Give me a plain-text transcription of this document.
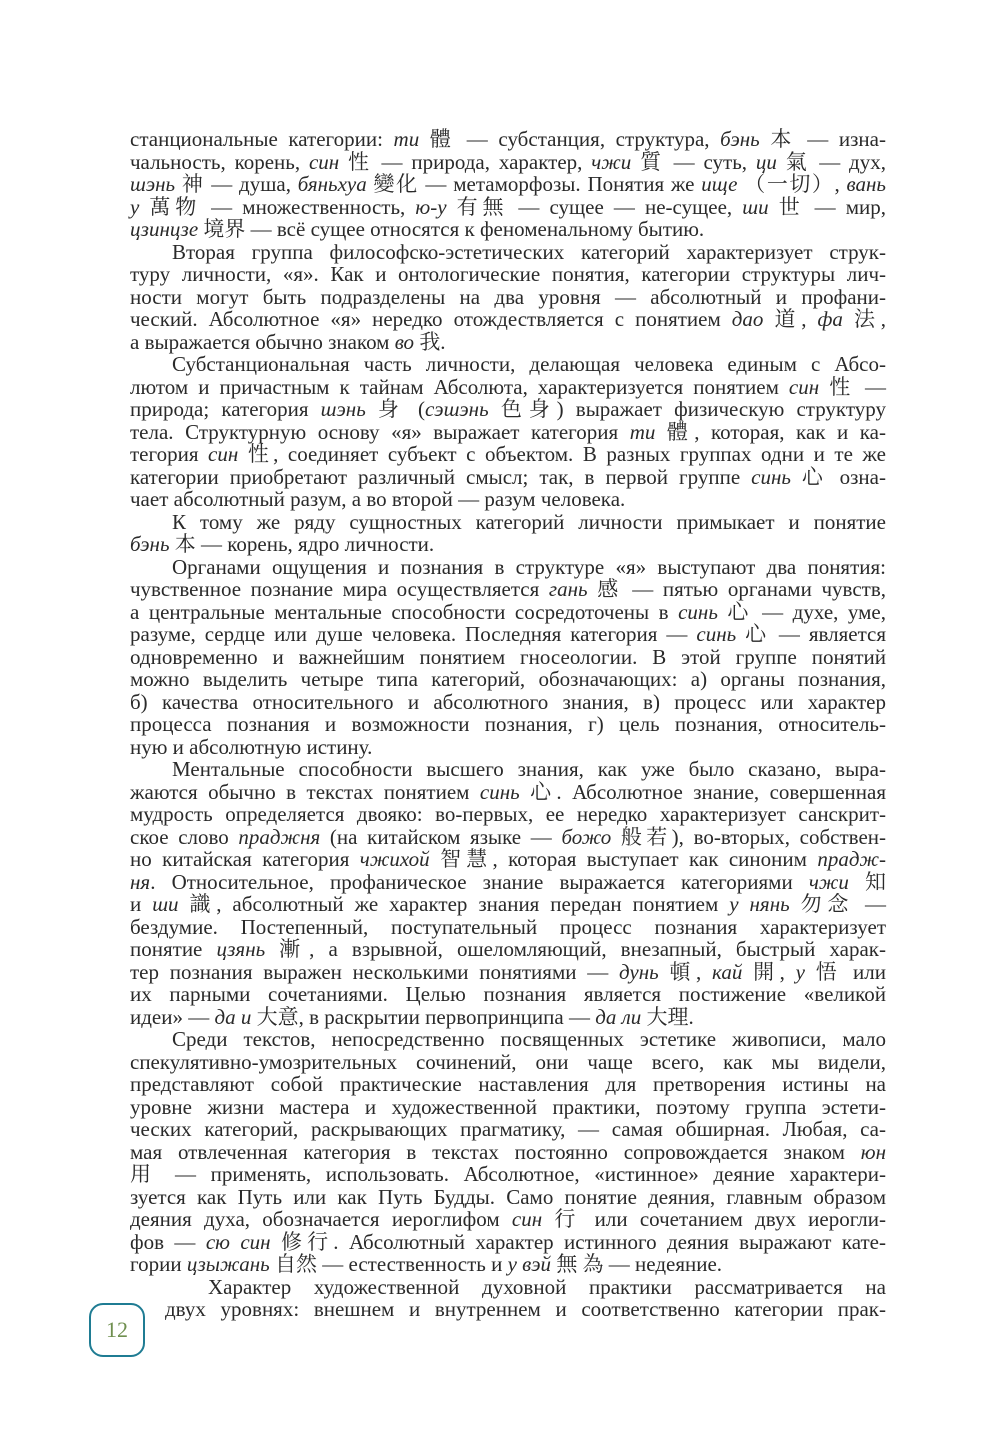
станциональные категории: ти 體 — субстанция, структура, бэнь 本 — изна-
чальность, корень, син 性 — природа, характер, чжи 質 — суть, ци 氣 — дух,
шэнь 神 — душа, бяньхуа 變化 — метаморфозы. Понятия же ище （一切）, вань
у 萬物 — множественность, ю-у 有無 — сущее — не-сущее, ши 世 — мир,
цзинцзе 境界 — всё сущее относятся к феноменальному бытию.
Вторая группа философско-эстетических категорий характеризует струк-
туру личности, «я». Как и онтологические понятия, категории структуры лич-
ности могут быть подразделены на два уровня — абсолютный и профани-
ческий. Абсолютное «я» нередко отождествляется с понятием дао 道, фа 法,
а выражается обычно знаком во 我.
Субстанциональная часть личности, делающая человека единым с Абсо-
лютом и причастным к тайнам Абсолюта, характеризуется понятием син 性 —
природа; категория шэнь 身 (сэшэнь 色身) выражает физическую структуру
тела. Структурную основу «я» выражает категория ти 體, которая, как и ка-
тегория син 性, соединяет субъект с объектом. В разных группах одни и те же
категории приобретают различный смысл; так, в первой группе синь 心 озна-
чает абсолютный разум, а во второй — разум человека.
К тому же ряду сущностных категорий личности примыкает и понятие
бэнь 本 — корень, ядро личности.
Органами ощущения и познания в структуре «я» выступают два понятия:
чувственное познание мира осуществляется гань 感 — пятью органами чувств,
а центральные ментальные способности сосредоточены в синь 心 — духе, уме,
разуме, сердце или душе человека. Последняя категория — синь 心 — является
одновременно и важнейшим понятием гносеологии. В этой группе понятий
можно выделить четыре типа категорий, обозначающих: а) органы познания,
б) качества относительного и абсолютного знания, в) процесс или характер
процесса познания и возможности познания, г) цель познания, относитель-
ную и абсолютную истину.
Ментальные способности высшего знания, как уже было сказано, выра-
жаются обычно в текстах понятием синь 心. Абсолютное знание, совершенная
мудрость определяется двояко: во-первых, ее нередко характеризует санскрит-
ское слово праджня (на китайском языке — божо 般若), во-вторых, собствен-
но китайская категория чжихой 智慧, которая выступает как синоним прадж-
ня. Относительное, профаническое знание выражается категориями чжи 知
и ши 識, абсолютный же характер знания передан понятием у нянь 勿念 —
бездумие. Постепенный, поступательный процесс познания характеризует
понятие цзянь 漸, а взрывной, ошеломляющий, внезапный, быстрый харак-
тер познания выражен несколькими понятиями — дунь 頓, кай 開, у 悟 или
их парными сочетаниями. Целью познания является постижение «великой
идеи» — да и 大意, в раскрытии первопринципа — да ли 大理.
Среди текстов, непосредственно посвященных эстетике живописи, мало
спекулятивно-умозрительных сочинений, они чаще всего, как мы видели,
представляют собой практические наставления для претворения истины на
уровне жизни мастера и художественной практики, поэтому группа эстети-
ческих категорий, раскрывающих прагматику, — самая обширная. Любая, са-
мая отвлеченная категория в текстах постоянно сопровождается знаком юн
用 — применять, использовать. Абсолютное, «истинное» деяние характери-
зуется как Путь или как Путь Будды. Само понятие деяния, главным образом
деяния духа, обозначается иероглифом син 行 или сочетанием двух иерогли-
фов — сю син 修行. Абсолютный характер истинного деяния выражают кате-
гории цзыжань 自然 — естественность и у вэй 無 為 — недеяние.
Характер художественной духовной практики рассматривается на
двух уровнях: внешнем и внутреннем и соответственно категории прак-
12
